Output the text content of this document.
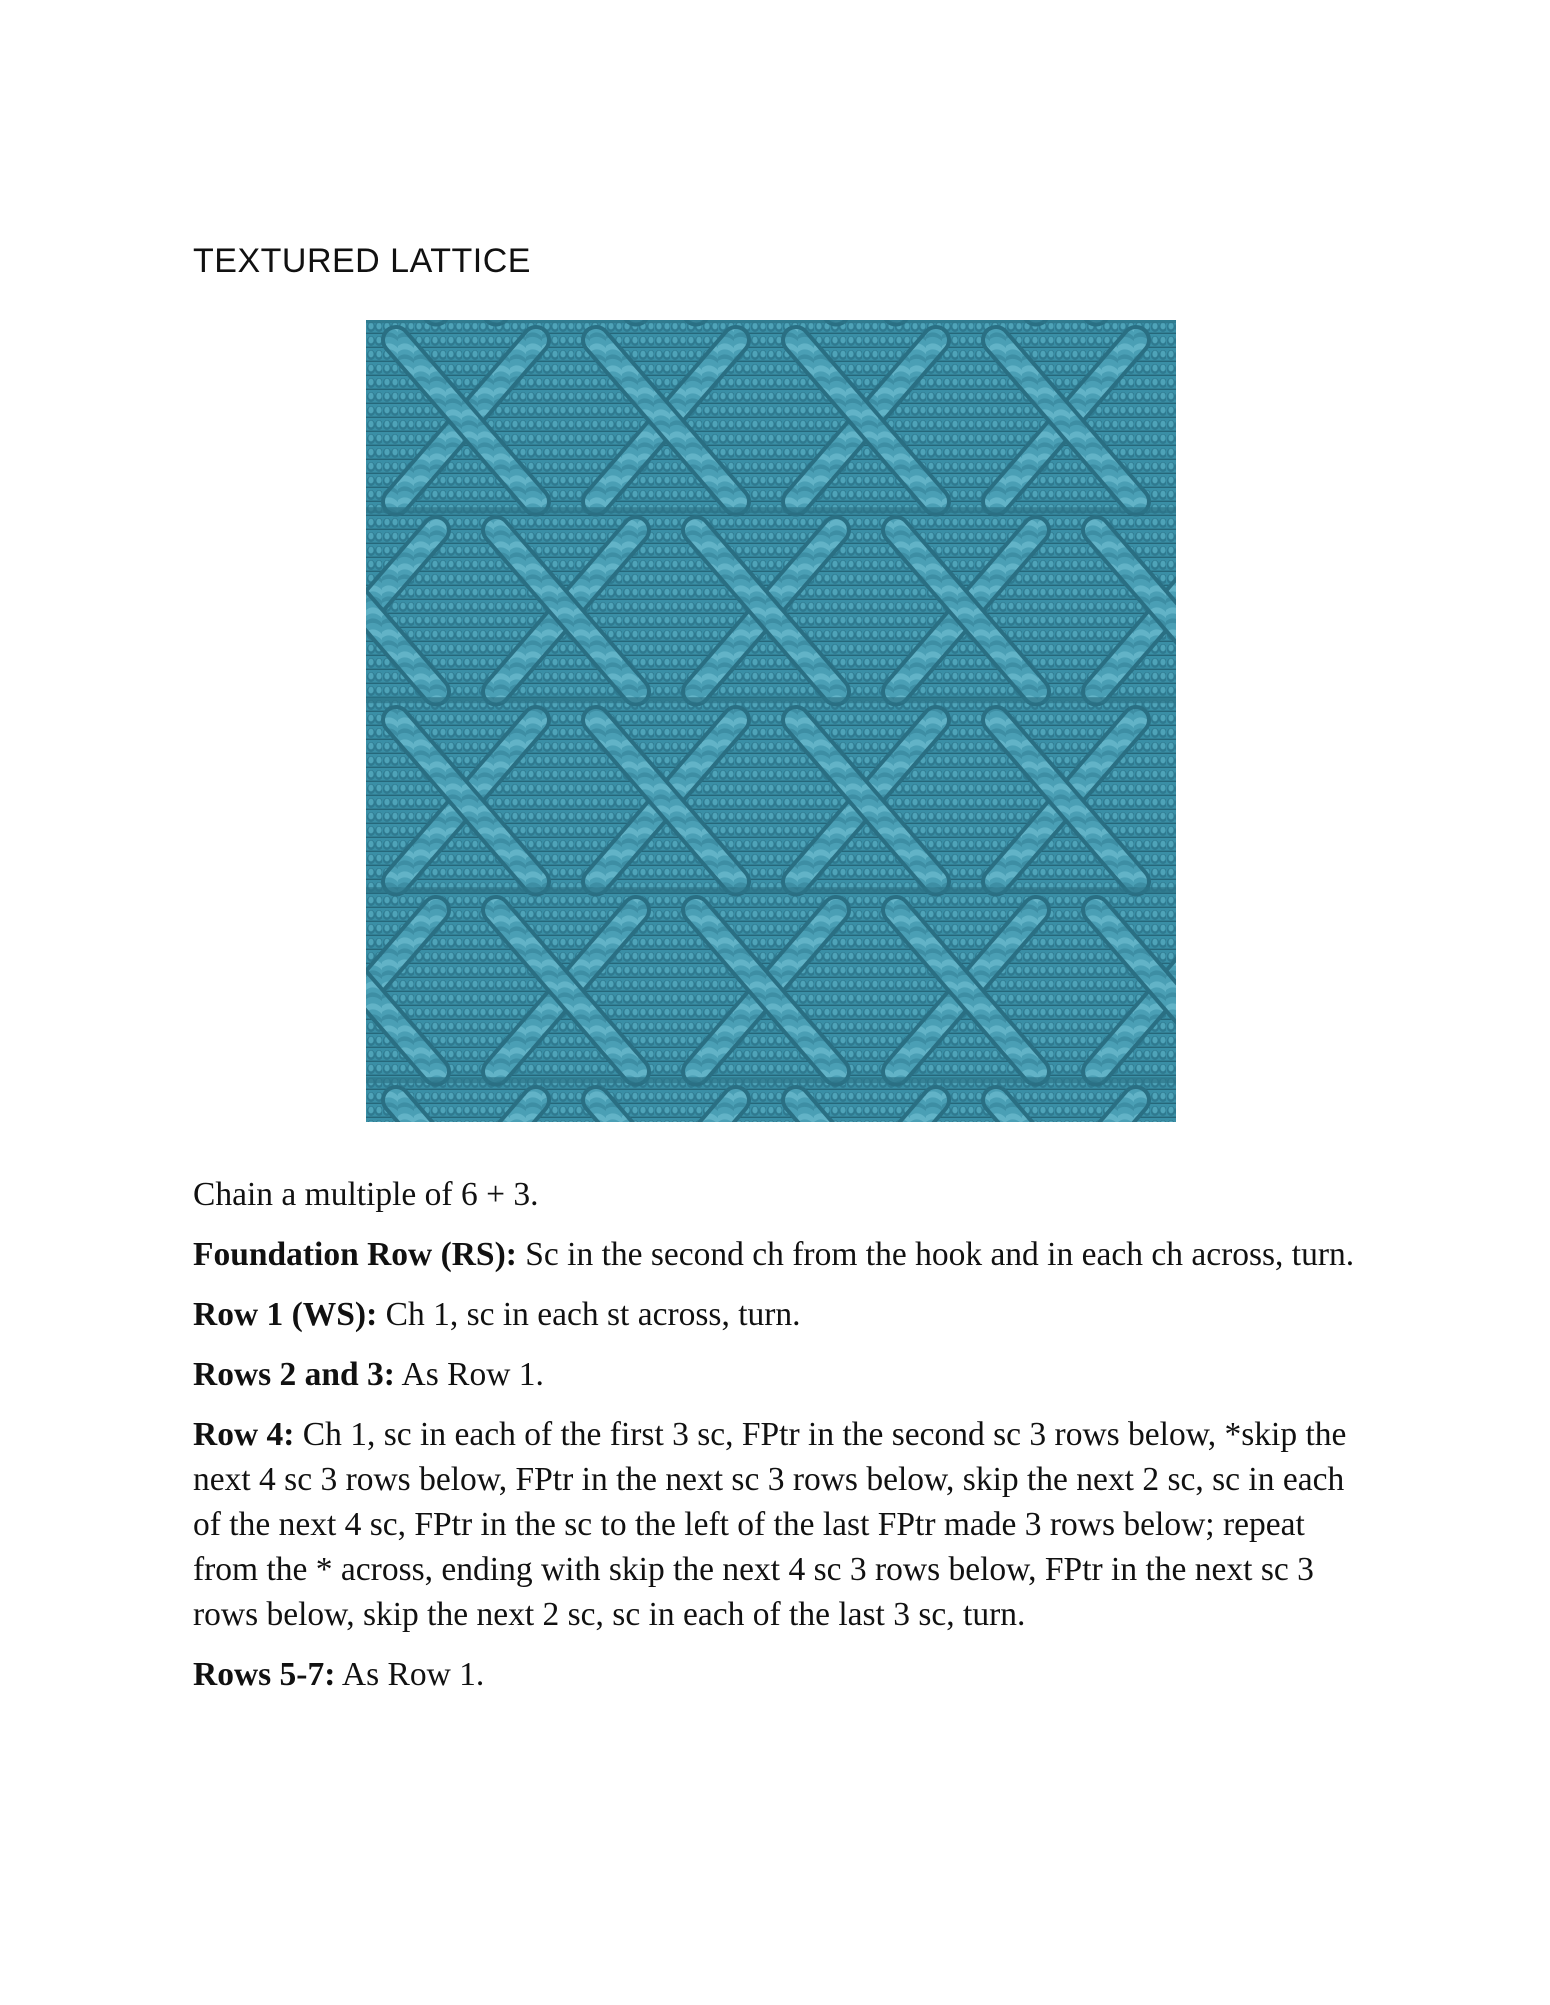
TEXTURED LATTICE

Chain a multiple of 6 + 3.

Foundation Row (RS): Sc in the second ch from the hook and in each ch across, turn.

Row 1 (WS): Ch 1, sc in each st across, turn.

Rows 2 and 3: As Row 1.

Row 4: Ch 1, sc in each of the first 3 sc, FPtr in the second sc 3 rows below, *skip the next 4 sc 3 rows below, FPtr in the next sc 3 rows below, skip the next 2 sc, sc in each of the next 4 sc, FPtr in the sc to the left of the last FPtr made 3 rows below; repeat from the * across, ending with skip the next 4 sc 3 rows below, FPtr in the next sc 3 rows below, skip the next 2 sc, sc in each of the last 3 sc, turn.

Rows 5-7: As Row 1.
